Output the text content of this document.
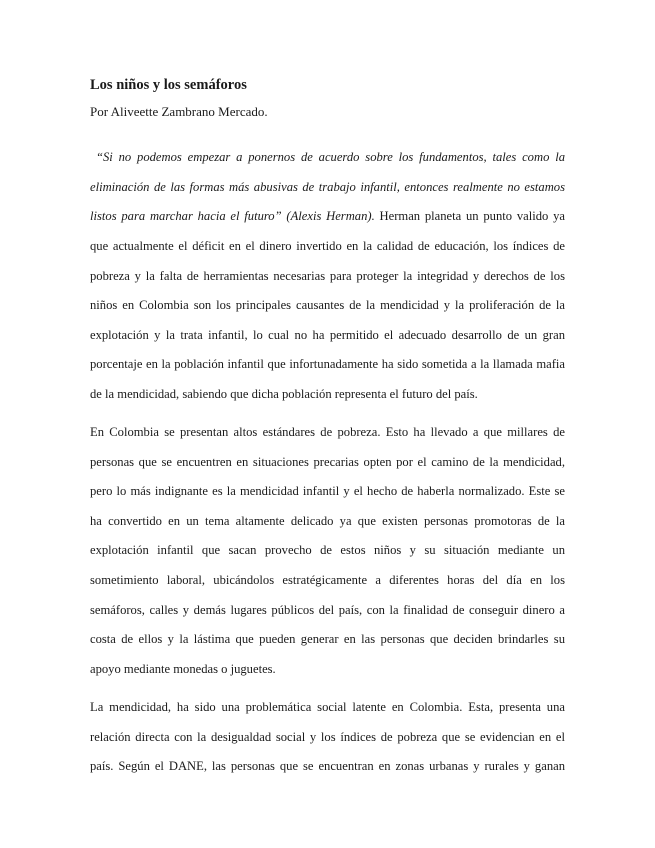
Los niños y los semáforos

Por Aliveette Zambrano Mercado.

“Si no podemos empezar a ponernos de acuerdo sobre los fundamentos, tales como la
eliminación de las formas más abusivas de trabajo infantil, entonces realmente no estamos
listos para marchar hacia el futuro” (Alexis Herman). Herman planeta un punto valido ya
que actualmente el déficit en el dinero invertido en la calidad de educación, los índices de
pobreza y la falta de herramientas necesarias para proteger la integridad y derechos de los
niños en Colombia son los principales causantes de la mendicidad y la proliferación de la
explotación y la trata infantil, lo cual no ha permitido el adecuado desarrollo de un gran
porcentaje en la población infantil que infortunadamente ha sido sometida a la llamada mafia
de la mendicidad, sabiendo que dicha población representa el futuro del país.
En Colombia se presentan altos estándares de pobreza. Esto ha llevado a que millares de
personas que se encuentren en situaciones precarias opten por el camino de la mendicidad,
pero lo más indignante es la mendicidad infantil y el hecho de haberla normalizado. Este se
ha convertido en un tema altamente delicado ya que existen personas promotoras de la
explotación infantil que sacan provecho de estos niños y su situación mediante un
sometimiento laboral, ubicándolos estratégicamente a diferentes horas del día en los
semáforos, calles y demás lugares públicos del país, con la finalidad de conseguir dinero a
costa de ellos y la lástima que pueden generar en las personas que deciden brindarles su
apoyo mediante monedas o juguetes.
La mendicidad, ha sido una problemática social latente en Colombia. Esta, presenta una
relación directa con la desigualdad social y los índices de pobreza que se evidencian en el
país. Según el DANE, las personas que se encuentran en zonas urbanas y rurales y ganan
